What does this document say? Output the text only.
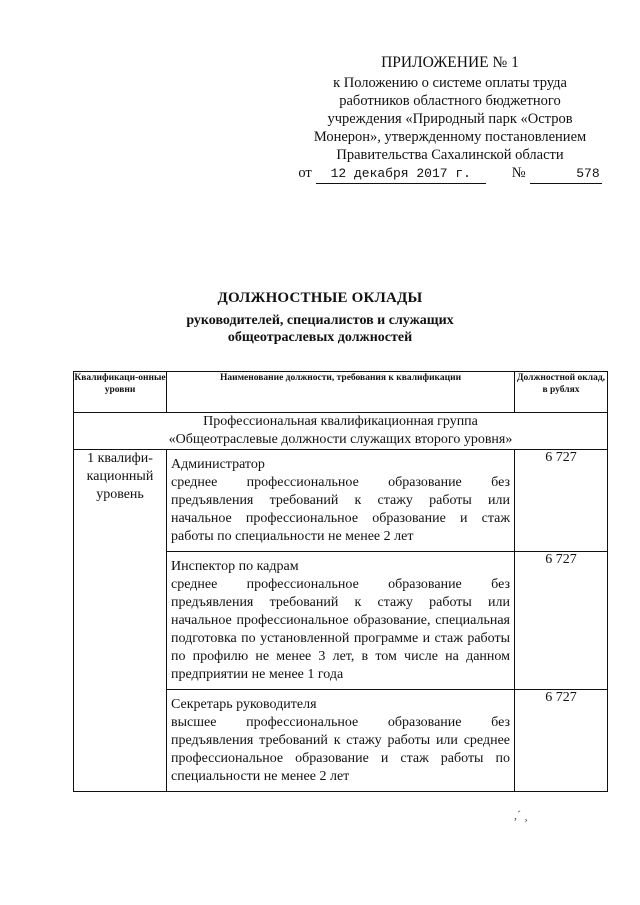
ПРИЛОЖЕНИЕ № 1
к Положению о системе оплаты труда
работников областного бюджетного
учреждения «Природный парк «Остров
Монерон», утвержденному постановлением
Правительства Сахалинской области
от	12 декабря 2017 г.	№	578
ДОЛЖНОСТНЫЕ ОКЛАДЫ
руководителей, специалистов и служащих
общеотраслевых должностей
Квалификаци-онные уровни	Наименование должности, требования к квалификации	Должностной оклад, в рублях

Профессиональная квалификационная группа
«Общеотраслевые должности служащих второго уровня»		

1 квалифи-кационный уровень	Администратор
среднее профессиональное образование без предъявления требований к стажу работы или начальное профессиональное образование и стаж работы по специальности не менее 2 лет	6 727

	Инспектор по кадрам
среднее профессиональное образование без предъявления требований к стажу работы или начальное профессиональное образование, специальная подготовка по установленной программе и стаж работы по профилю не менее 3 лет, в том числе на данном предприятии не менее 1 года	6 727

	Секретарь руководителя
высшее профессиональное образование без предъявления требований к стажу работы или среднее профессиональное образование и стаж работы по специальности не менее 2 лет	6 727
,´ ¸
